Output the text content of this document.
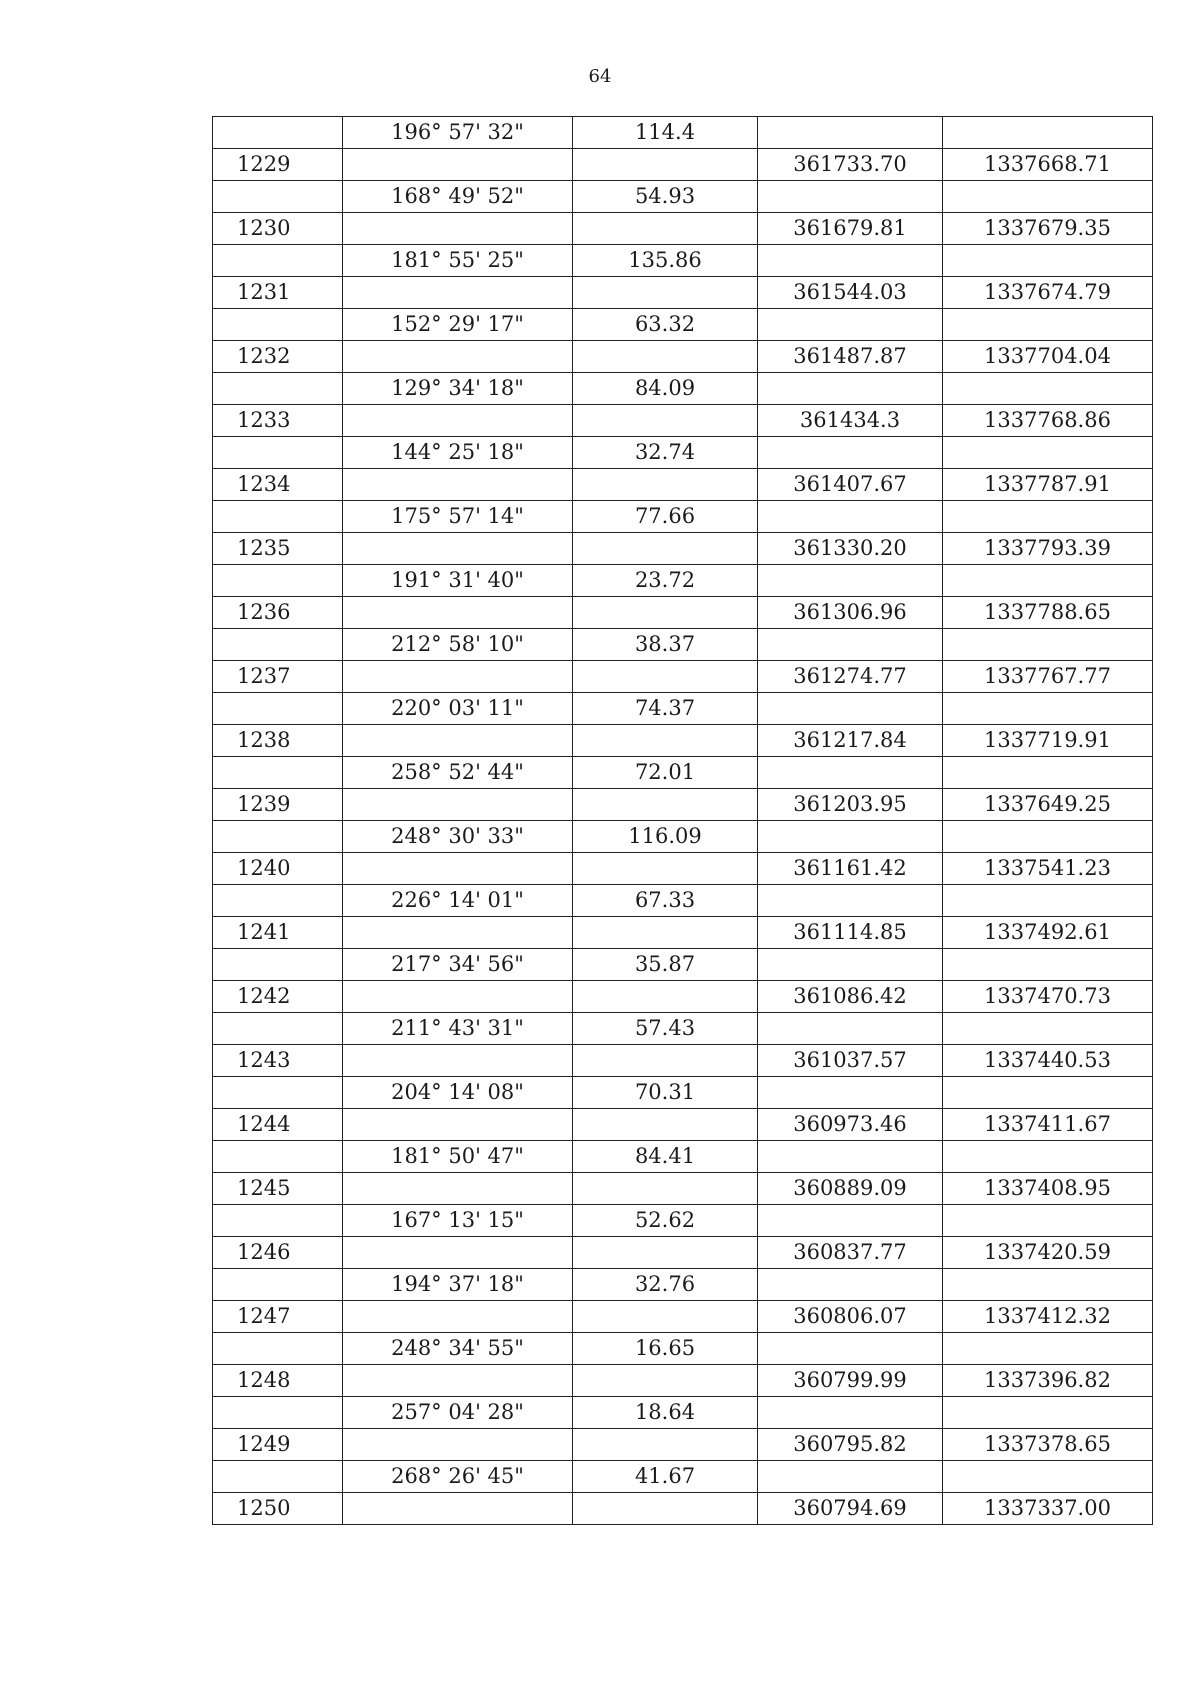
64
	196° 57' 32"	114.4		
1229			361733.70	1337668.71
	168° 49' 52"	54.93		
1230			361679.81	1337679.35
	181° 55' 25"	135.86		
1231			361544.03	1337674.79
	152° 29' 17"	63.32		
1232			361487.87	1337704.04
	129° 34' 18"	84.09		
1233			361434.3	1337768.86
	144° 25' 18"	32.74		
1234			361407.67	1337787.91
	175° 57' 14"	77.66		
1235			361330.20	1337793.39
	191° 31' 40"	23.72		
1236			361306.96	1337788.65
	212° 58' 10"	38.37		
1237			361274.77	1337767.77
	220° 03' 11"	74.37		
1238			361217.84	1337719.91
	258° 52' 44"	72.01		
1239			361203.95	1337649.25
	248° 30' 33"	116.09		
1240			361161.42	1337541.23
	226° 14' 01"	67.33		
1241			361114.85	1337492.61
	217° 34' 56"	35.87		
1242			361086.42	1337470.73
	211° 43' 31"	57.43		
1243			361037.57	1337440.53
	204° 14' 08"	70.31		
1244			360973.46	1337411.67
	181° 50' 47"	84.41		
1245			360889.09	1337408.95
	167° 13' 15"	52.62		
1246			360837.77	1337420.59
	194° 37' 18"	32.76		
1247			360806.07	1337412.32
	248° 34' 55"	16.65		
1248			360799.99	1337396.82
	257° 04' 28"	18.64		
1249			360795.82	1337378.65
	268° 26' 45"	41.67		
1250			360794.69	1337337.00
